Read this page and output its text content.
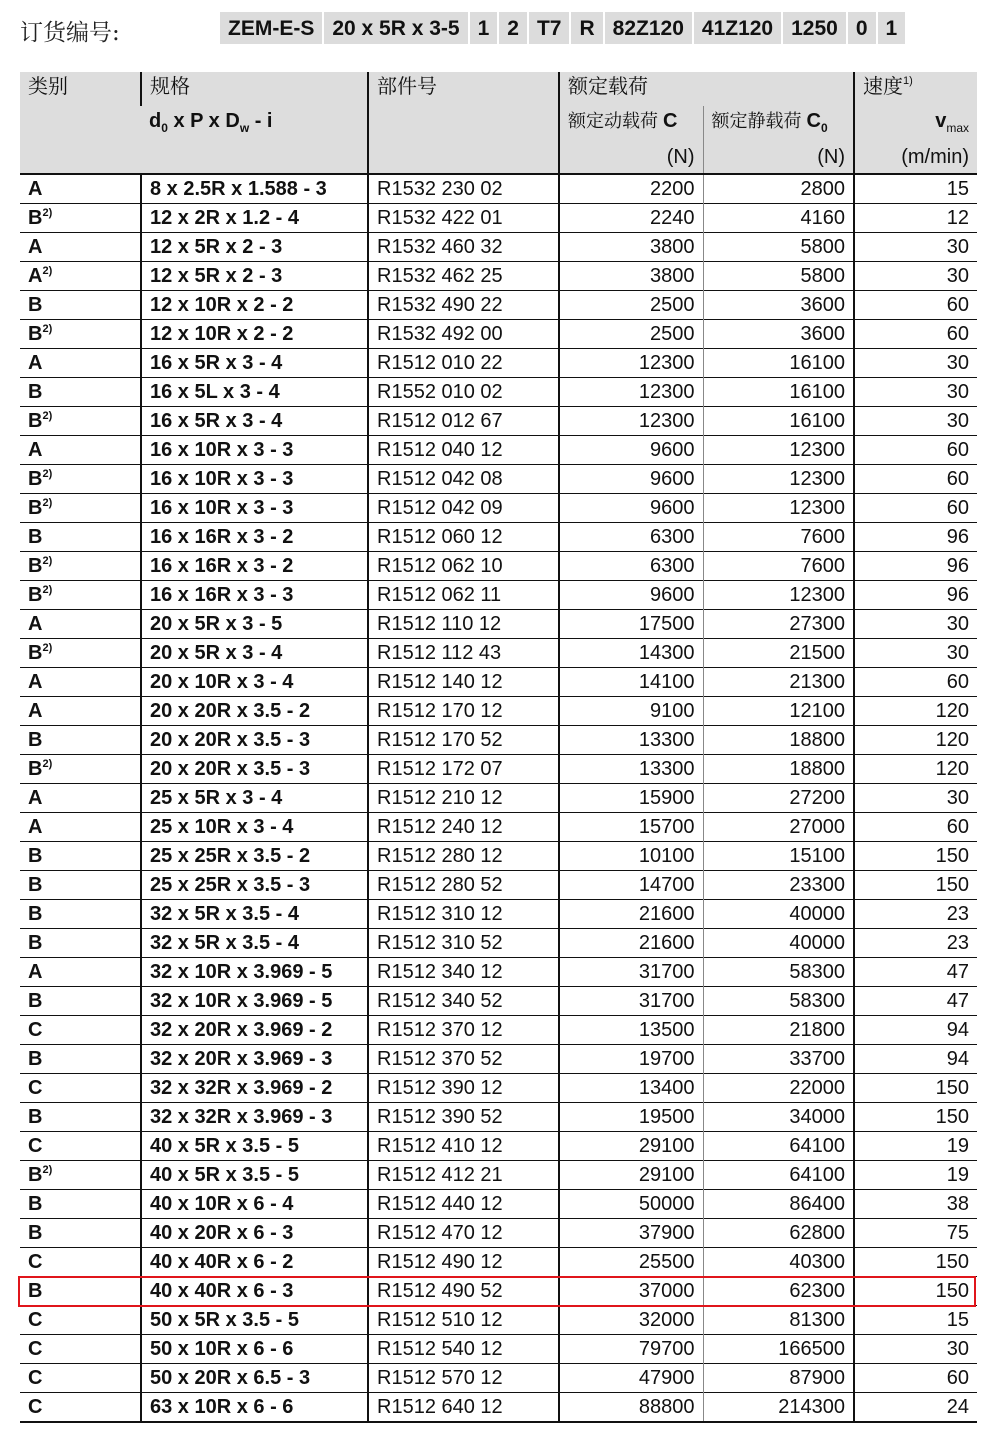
订货编号:	ZEM-E-S 20 x 5R x 3-5 1 2 T7 R 82Z120 41Z120 1250 0 1
类别	规格	部件号	额定载荷		速度$^{1)}$
	$d_0$ x P x $D_w$ - i		额定动载荷 C	额定静载荷 $C_0$	$v_{max}$
			(N)	(N)	(m/min)
A	8 x 2.5R x 1.588 - 3	R1532 230 02	2200	2800	15
$B^{2)}$	12 x 2R x 1.2 - 4	R1532 422 01	2240	4160	12
A	12 x 5R x 2 - 3	R1532 460 32	3800	5800	30
$A^{2)}$	12 x 5R x 2 - 3	R1532 462 25	3800	5800	30
B	12 x 10R x 2 - 2	R1532 490 22	2500	3600	60
$B^{2)}$	12 x 10R x 2 - 2	R1532 492 00	2500	3600	60
A	16 x 5R x 3 - 4	R1512 010 22	12300	16100	30
B	16 x 5L x 3 - 4	R1552 010 02	12300	16100	30
$B^{2)}$	16 x 5R x 3 - 4	R1512 012 67	12300	16100	30
A	16 x 10R x 3 - 3	R1512 040 12	9600	12300	60
$B^{2)}$	16 x 10R x 3 - 3	R1512 042 08	9600	12300	60
$B^{2)}$	16 x 10R x 3 - 3	R1512 042 09	9600	12300	60
B	16 x 16R x 3 - 2	R1512 060 12	6300	7600	96
$B^{2)}$	16 x 16R x 3 - 2	R1512 062 10	6300	7600	96
$B^{2)}$	16 x 16R x 3 - 3	R1512 062 11	9600	12300	96
A	20 x 5R x 3 - 5	R1512 110 12	17500	27300	30
$B^{2)}$	20 x 5R x 3 - 4	R1512 112 43	14300	21500	30
A	20 x 10R x 3 - 4	R1512 140 12	14100	21300	60
A	20 x 20R x 3.5 - 2	R1512 170 12	9100	12100	120
B	20 x 20R x 3.5 - 3	R1512 170 52	13300	18800	120
$B^{2)}$	20 x 20R x 3.5 - 3	R1512 172 07	13300	18800	120
A	25 x 5R x 3 - 4	R1512 210 12	15900	27200	30
A	25 x 10R x 3 - 4	R1512 240 12	15700	27000	60
B	25 x 25R x 3.5 - 2	R1512 280 12	10100	15100	150
B	25 x 25R x 3.5 - 3	R1512 280 52	14700	23300	150
B	32 x 5R x 3.5 - 4	R1512 310 12	21600	40000	23
B	32 x 5R x 3.5 - 4	R1512 310 52	21600	40000	23
A	32 x 10R x 3.969 - 5	R1512 340 12	31700	58300	47
B	32 x 10R x 3.969 - 5	R1512 340 52	31700	58300	47
C	32 x 20R x 3.969 - 2	R1512 370 12	13500	21800	94
B	32 x 20R x 3.969 - 3	R1512 370 52	19700	33700	94
C	32 x 32R x 3.969 - 2	R1512 390 12	13400	22000	150
B	32 x 32R x 3.969 - 3	R1512 390 52	19500	34000	150
C	40 x 5R x 3.5 - 5	R1512 410 12	29100	64100	19
$B^{2)}$	40 x 5R x 3.5 - 5	R1512 412 21	29100	64100	19
B	40 x 10R x 6 - 4	R1512 440 12	50000	86400	38
B	40 x 20R x 6 - 3	R1512 470 12	37900	62800	75
C	40 x 40R x 6 - 2	R1512 490 12	25500	40300	150
B	40 x 40R x 6 - 3	R1512 490 52	37000	62300	150
C	50 x 5R x 3.5 - 5	R1512 510 12	32000	81300	15
C	50 x 10R x 6 - 6	R1512 540 12	79700	166500	30
C	50 x 20R x 6.5 - 3	R1512 570 12	47900	87900	60
C	63 x 10R x 6 - 6	R1512 640 12	88800	214300	24
